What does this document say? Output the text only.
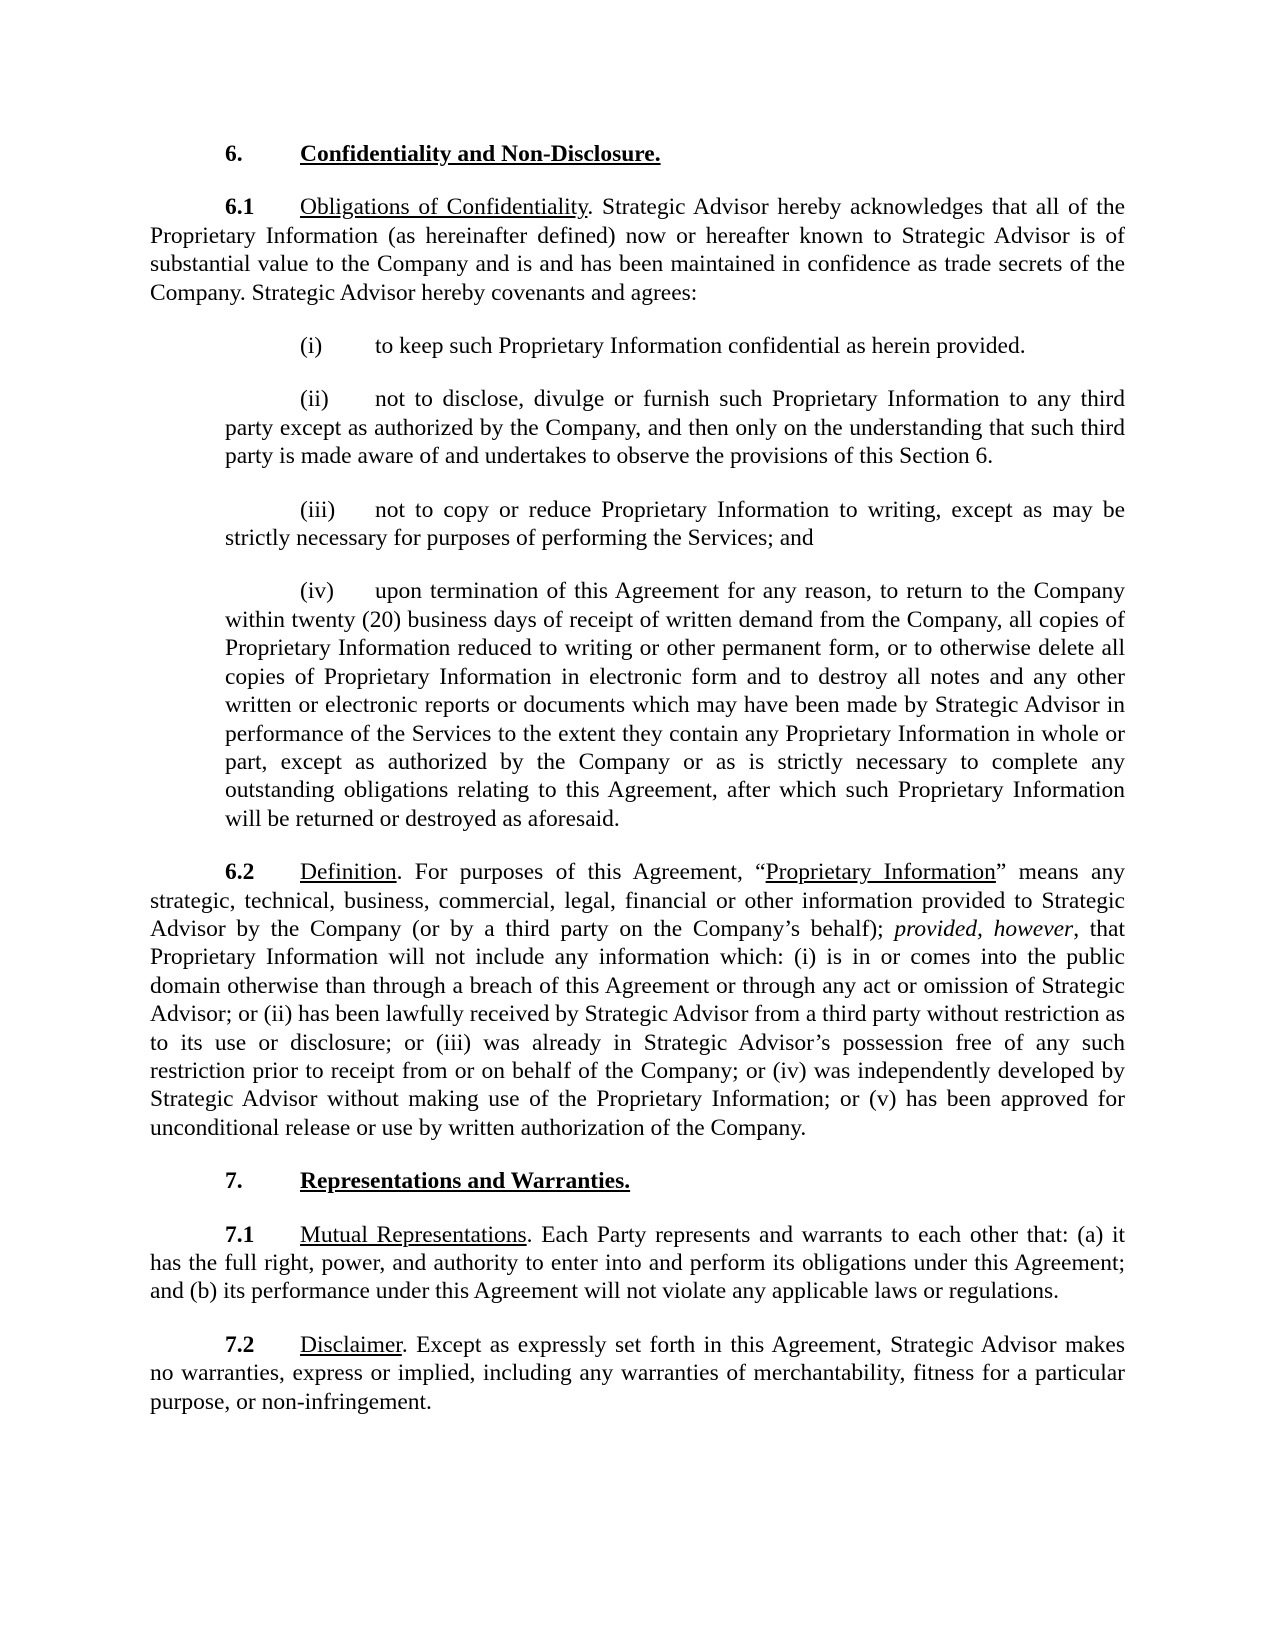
6. Confidentiality and Non-Disclosure.

6.1 Obligations of Confidentiality. Strategic Advisor hereby acknowledges that all of the Proprietary Information (as hereinafter defined) now or hereafter known to Strategic Advisor is of substantial value to the Company and is and has been maintained in confidence as trade secrets of the Company. Strategic Advisor hereby covenants and agrees:

(i) to keep such Proprietary Information confidential as herein provided.

(ii) not to disclose, divulge or furnish such Proprietary Information to any third party except as authorized by the Company, and then only on the understanding that such third party is made aware of and undertakes to observe the provisions of this Section 6.

(iii) not to copy or reduce Proprietary Information to writing, except as may be strictly necessary for purposes of performing the Services; and

(iv) upon termination of this Agreement for any reason, to return to the Company within twenty (20) business days of receipt of written demand from the Company, all copies of Proprietary Information reduced to writing or other permanent form, or to otherwise delete all copies of Proprietary Information in electronic form and to destroy all notes and any other written or electronic reports or documents which may have been made by Strategic Advisor in performance of the Services to the extent they contain any Proprietary Information in whole or part, except as authorized by the Company or as is strictly necessary to complete any outstanding obligations relating to this Agreement, after which such Proprietary Information will be returned or destroyed as aforesaid.

6.2 Definition. For purposes of this Agreement, “Proprietary Information” means any strategic, technical, business, commercial, legal, financial or other information provided to Strategic Advisor by the Company (or by a third party on the Company’s behalf); provided, however, that Proprietary Information will not include any information which: (i) is in or comes into the public domain otherwise than through a breach of this Agreement or through any act or omission of Strategic Advisor; or (ii) has been lawfully received by Strategic Advisor from a third party without restriction as to its use or disclosure; or (iii) was already in Strategic Advisor’s possession free of any such restriction prior to receipt from or on behalf of the Company; or (iv) was independently developed by Strategic Advisor without making use of the Proprietary Information; or (v) has been approved for unconditional release or use by written authorization of the Company.

7. Representations and Warranties.

7.1 Mutual Representations. Each Party represents and warrants to each other that: (a) it has the full right, power, and authority to enter into and perform its obligations under this Agreement; and (b) its performance under this Agreement will not violate any applicable laws or regulations.

7.2 Disclaimer. Except as expressly set forth in this Agreement, Strategic Advisor makes no warranties, express or implied, including any warranties of merchantability, fitness for a particular purpose, or non-infringement.
